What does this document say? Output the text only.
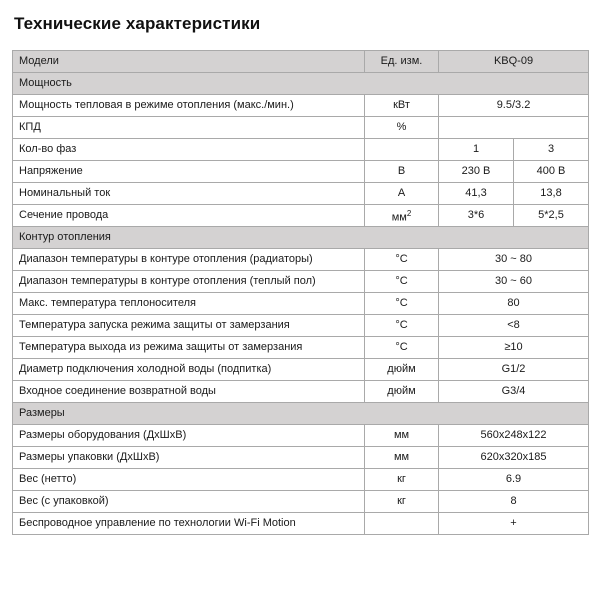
Технические характеристики
Модели	Ед. изм.	KBQ-09	
Мощность			
Мощность тепловая в режиме отопления (макс./мин.)	кВт	9.5/3.2	
КПД	%		
Кол-во фаз		1	3
Напряжение	В	230 В	400 В
Номинальный ток	А	41,3	13,8
Сечение провода	$мм^2$	3*6	5*2,5
Контур отопления			
Диапазон температуры в контуре отопления (радиаторы)	°C	30 ~ 80	
Диапазон температуры в контуре отопления (теплый пол)	°C	30 ~ 60	
Макс. температура теплоносителя	°C	80	
Температура запуска режима защиты от замерзания	°C	<8	
Температура выхода из режима защиты от замерзания	°C	≥10	
Диаметр подключения холодной воды (подпитка)	дюйм	G1/2	
Входное соединение возвратной воды	дюйм	G3/4	
Размеры			
Размеры оборудования (ДхШхВ)	мм	560x248x122	
Размеры упаковки (ДхШхВ)	мм	620x320x185	
Вес (нетто)	кг	6.9	
Вес (с упаковкой)	кг	8	
Беспроводное управление по технологии Wi-Fi Motion		+	
